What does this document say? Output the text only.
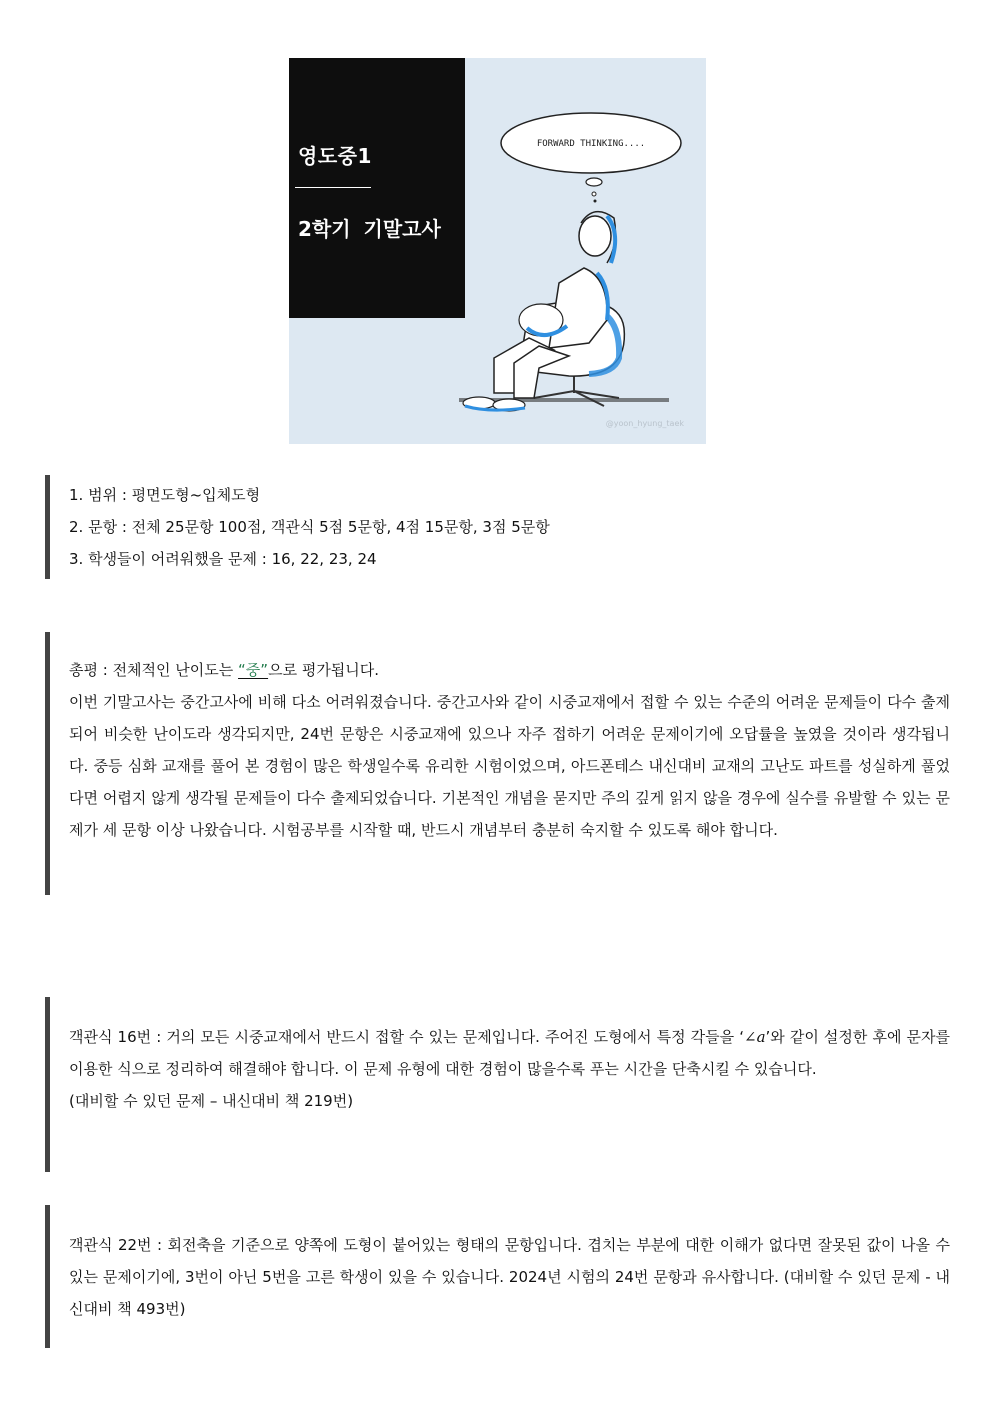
FORWARD THINKING....
영도중1
2학기 기말고사
@yoon_hyung_taek
1. 범위 : 평면도형~입체도형
2. 문항 : 전체 25문항 100점, 객관식 5점 5문항, 4점 15문항, 3점 5문항
3. 학생들이 어려워했을 문제 : 16, 22, 23, 24
총평 : 전체적인 난이도는 “중”으로 평가됩니다.
이번 기말고사는 중간고사에 비해 다소 어려워졌습니다. 중간고사와 같이 시중교재에서 접할 수 있는 수준의 어려운 문제들이 다수 출제되어 비슷한 난이도라 생각되지만, 24번 문항은 시중교재에 있으나 자주 접하기 어려운 문제이기에 오답률을 높였을 것이라 생각됩니다. 중등 심화 교재를 풀어 본 경험이 많은 학생일수록 유리한 시험이었으며, 아드폰테스 내신대비 교재의 고난도 파트를 성실하게 풀었다면 어렵지 않게 생각될 문제들이 다수 출제되었습니다. 기본적인 개념을 묻지만 주의 깊게 읽지 않을 경우에 실수를 유발할 수 있는 문제가 세 문항 이상 나왔습니다. 시험공부를 시작할 때, 반드시 개념부터 충분히 숙지할 수 있도록 해야 합니다.
객관식 16번 : 거의 모든 시중교재에서 반드시 접할 수 있는 문제입니다. 주어진 도형에서 특정 각들을 ‘∠a’와 같이 설정한 후에 문자를 이용한 식으로 정리하여 해결해야 합니다. 이 문제 유형에 대한 경험이 많을수록 푸는 시간을 단축시킬 수 있습니다.
(대비할 수 있던 문제 – 내신대비 책 219번)
객관식 22번 : 회전축을 기준으로 양쪽에 도형이 붙어있는 형태의 문항입니다. 겹치는 부분에 대한 이해가 없다면 잘못된 값이 나올 수 있는 문제이기에, 3번이 아닌 5번을 고른 학생이 있을 수 있습니다. 2024년 시험의 24번 문항과 유사합니다. (대비할 수 있던 문제 - 내신대비 책 493번)
